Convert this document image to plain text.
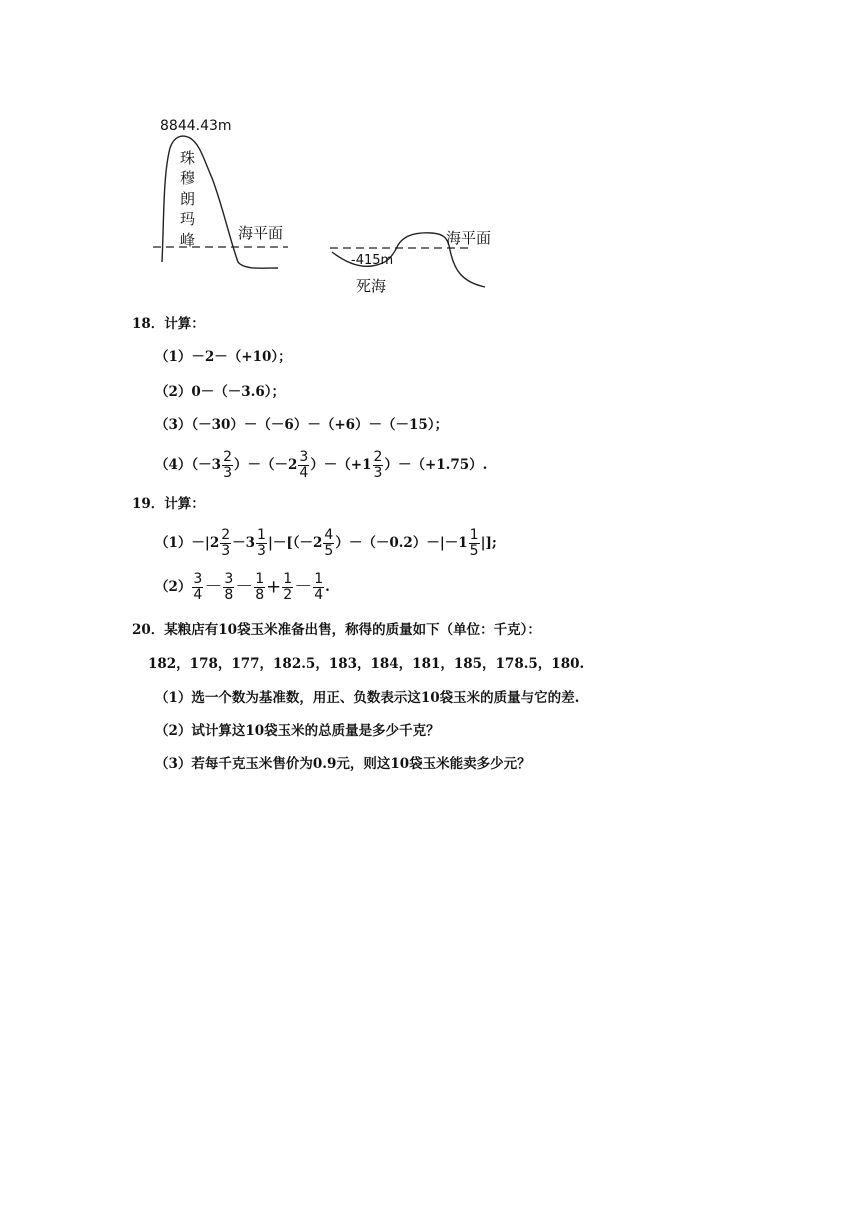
8844.43m
珠
穆
朗
玛
峰	海平面	海平面
-415m
死海
18．计算：
（1）－2－（+10）；
（2）0－（－3.6）；
（3）（－30）－（－6）－（+6）－（－15）；
$(4)(-3 \frac{2}{3} )-(-2 \frac{3}{4} )-(+1 \frac{2}{3} )-(+1.75)$.
19．计算：
$(1)-|2 \frac{2}{3} -3 \frac{1}{3} |-[(-2 \frac{4}{5} )-(-0.2)-|-1 \frac{1}{5}$ |];
$(2) \frac{3}{4} - \frac{3}{8} - \frac{1}{8} + \frac{1}{2} - \frac{1}{4}$ .
20．某粮店有10袋玉米准备出售，称得的质量如下（单位：千克）：
182，178，177，182.5，183，184，181，185，178.5，180.
（1）选一个数为基准数，用正、负数表示这10袋玉米的质量与它的差.
（2）试计算这10袋玉米的总质量是多少千克？
（3）若每千克玉米售价为0.9元，则这10袋玉米能卖多少元？
